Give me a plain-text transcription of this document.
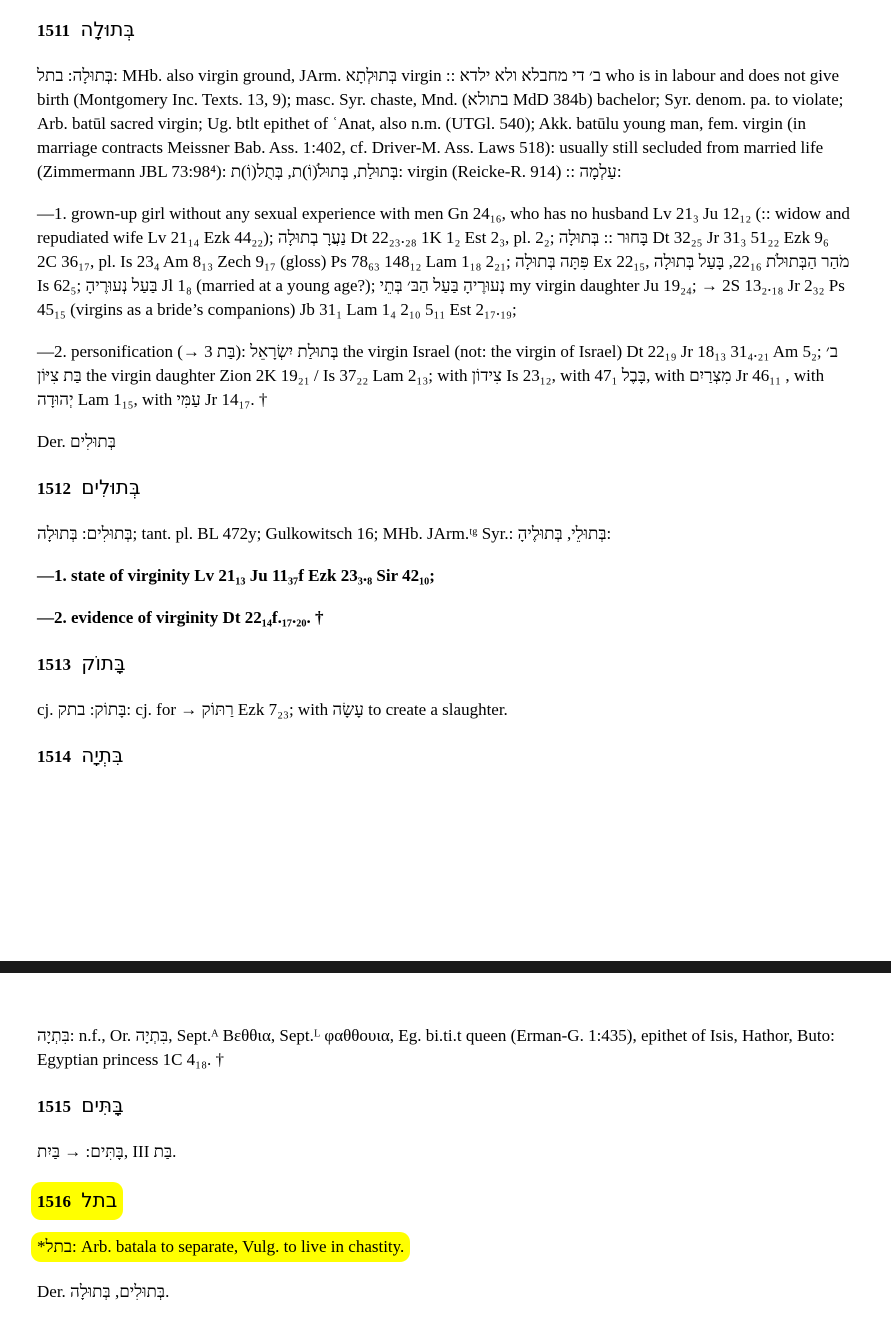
1511 בְּתוּלָה
בְּתוּלָה: בתל: MHb. also virgin ground, JArm. בְּתוּלְתָא virgin :: ב׳ די מחבלא ולא ילדא who is in labour and does not give birth (Montgomery Inc. Texts. 13, 9); masc. Syr. chaste, Mnd. (בתולא MdD 384b) bachelor; Syr. denom. pa. to violate; Arb. batūl sacred virgin; Ug. btlt epithet of ʿAnat, also n.m. (UTGl. 540); Akk. batūlu young man, fem. virgin (in marriage contracts Meissner Bab. Ass. 1:402, cf. Driver-M. Ass. Laws 518): usually still secluded from married life (Zimmermann JBL 73:98⁴): בְּתוּלַת, בְּתוּלֹ(וֹ)ת, בְּתֻל(וֹ)ת: virgin (Reicke-R. 914) :: עַלְמָה:
—1. grown-up girl without any sexual experience with men Gn 24₁₆, who has no husband Lv 21₃ Ju 12₁₂ (:: widow and repudiated wife Lv 21₁₄ Ezk 44₂₂); נַעֲרָ בְתוּלָה Dt 22₂₃.₂₈ 1K 1₂ Est 2₃, pl. 2₂; בָּחוּר :: בְּתוּלָה Dt 32₂₅ Jr 31₃ 51₂₂ Ezk 9₆ 2C 36₁₇, pl. Is 23₄ Am 8₁₃ Zech 9₁₇ (gloss) Ps 78₆₃ 148₁₂ Lam 1₁₈ 2₂₁; פִּתָּה בְּתוּלָה Ex 22₁₅, מֹהַר הַבְּתוּלֹת 22₁₆, בָּעַל בְּתוּלָה Is 62₅; בַּעַל נְעוּרֶיהָ Jl 1₈ (married at a young age?); נְעוּרֶיהָ בַּעַל הַבּ׳ בְּתֵי my virgin daughter Ju 19₂₄; → 2S 13₂.₁₈ Jr 2₃₂ Ps 45₁₅ (virgins as a bride’s companions) Jb 31₁ Lam 1₄ 2₁₀ 5₁₁ Est 2₁₇.₁₉;
—2. personification (→ בַּת 3): בְּתוּלַת יִשְׂרָאֵל the virgin Israel (not: the virgin of Israel) Dt 22₁₉ Jr 18₁₃ 31₄.₂₁ Am 5₂; ב׳ בַּת צִיּוֹן the virgin daughter Zion 2K 19₂₁ / Is 37₂₂ Lam 2₁₃; with צִידוֹן Is 23₁₂, with בָּבֶל 47₁, with מִצְרַיִם Jr 46₁₁ , with יְהוּדָה Lam 1₁₅, with עַמִּי Jr 14₁₇. †
Der. בְּתוּלִים
1512 בְּתוּלִים
בְּתוּלִים: בְּתוּלָה; tant. pl. BL 472y; Gulkowitsch 16; MHb. JArm.ᵗᵍ Syr.: בְּתוּלֵי, בְּתוּלֶיהָ:
—1. state of virginity Lv 21₁₃ Ju 11₃₇f Ezk 23₃.₈ Sir 42₁₀;
—2. evidence of virginity Dt 22₁₄f.₁₇.₂₀. †
1513 בָּתוֹק
cj. בָּתוֹק: בתק: cj. for → רַתּוֹק Ezk 7₂₃; with עָשָׂה to create a slaughter.
1514 בִּתְיָה
בִּתְיָה: n.f., Or. בִּתְיָה, Sept.ᴬ Βεθθια, Sept.ᴸ φαθθουια, Eg. bi.ti.t queen (Erman-G. 1:435), epithet of Isis, Hathor, Buto: Egyptian princess 1C 4₁₈. †
1515 בָּתִּים
בָּתִּים: → בַּיִת, III בַּת.
1516 בתל
*בתל: Arb. batala to separate, Vulg. to live in chastity.
Der. בְּתוּלִים, בְּתוּלָה.
